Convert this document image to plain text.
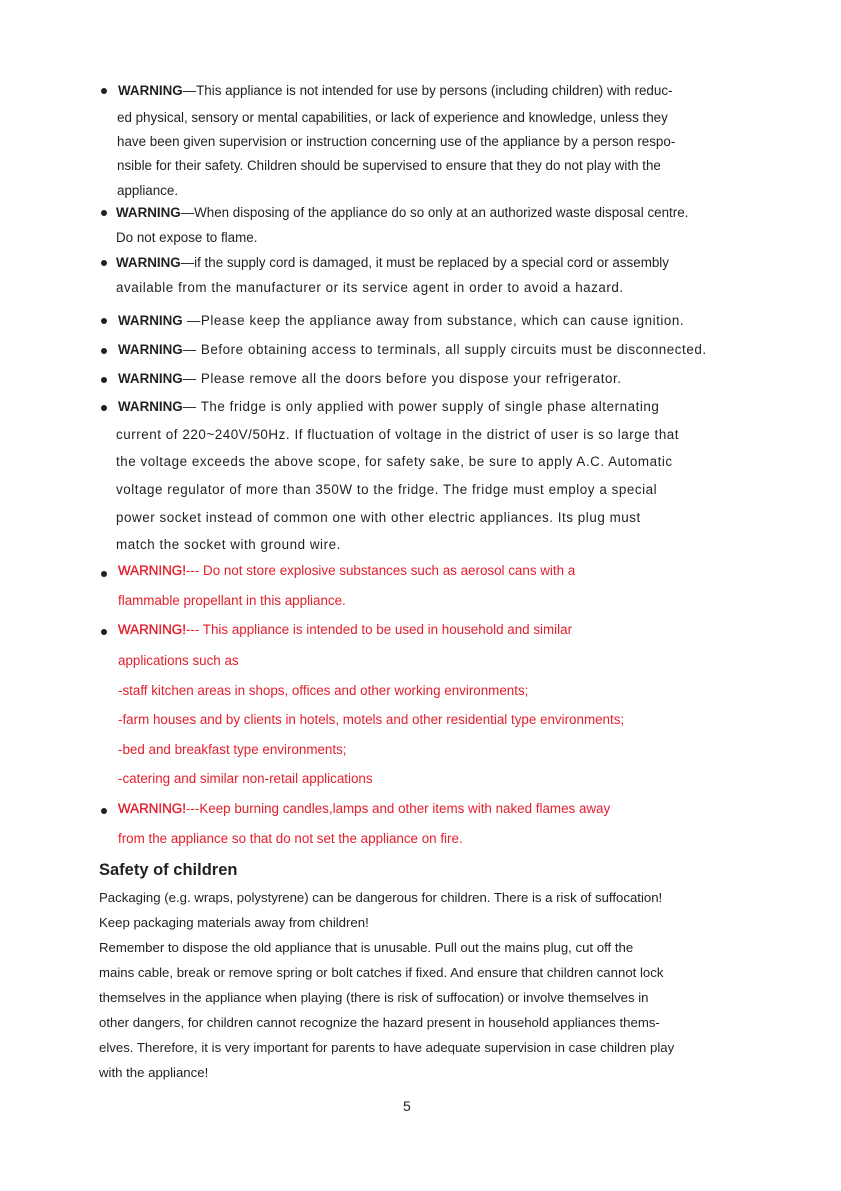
WARNING—This appliance is not intended for use by persons (including children) with reduc-
ed physical, sensory or mental capabilities, or lack of experience and knowledge, unless they
have been given supervision or instruction concerning use of the appliance by a person respo-
nsible for their safety. Children should be supervised to ensure that they do not play with the
appliance.
WARNING—When disposing of the appliance do so only at an authorized waste disposal centre.
Do not expose to flame.
WARNING—if the supply cord is damaged, it must be replaced by a special cord or assembly
available from the manufacturer or its service agent in order to avoid a hazard.
WARNING —Please keep the appliance away from substance, which can cause ignition.
WARNING— Before obtaining access to terminals, all supply circuits must be disconnected.
WARNING— Please remove all the doors before you dispose your refrigerator.
WARNING— The fridge is only applied with power supply of single phase alternating
current of 220~240V/50Hz. If fluctuation of voltage in the district of user is so large that
the voltage exceeds the above scope, for safety sake, be sure to apply A.C. Automatic
voltage regulator of more than 350W to the fridge. The fridge must employ a special
power socket instead of common one with other electric appliances. Its plug must
match the socket with ground wire.
WARNING!--- Do not store explosive substances such as aerosol cans with a
flammable propellant in this appliance.
WARNING!--- This appliance is intended to be used in household and similar
applications such as
-staff kitchen areas in shops, offices and other working environments;
-farm houses and by clients in hotels, motels and other residential type environments;
-bed and breakfast type environments;
-catering and similar non-retail applications
WARNING!---Keep burning candles,lamps and other items with naked flames away
from the appliance so that do not set the appliance on fire.
Safety of children
Packaging (e.g. wraps, polystyrene) can be dangerous for children. There is a risk of suffocation!
Keep packaging materials away from children!
Remember to dispose the old appliance that is unusable. Pull out the mains plug, cut off the
mains cable, break or remove spring or bolt catches if fixed. And ensure that children cannot lock
themselves in the appliance when playing (there is risk of suffocation) or involve themselves in
other dangers, for children cannot recognize the hazard present in household appliances thems-
elves. Therefore, it is very important for parents to have adequate supervision in case children play
with the appliance!
5
